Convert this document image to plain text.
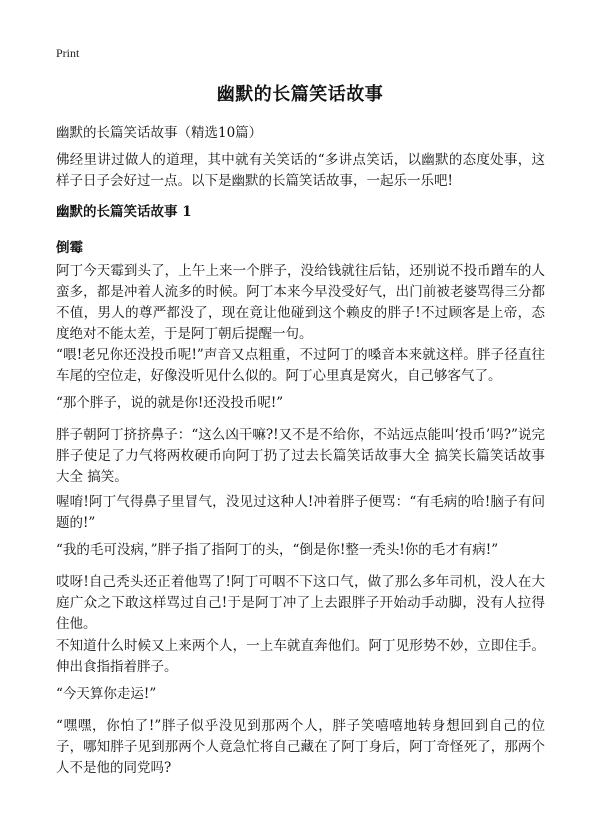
Print
幽默的长篇笑话故事
幽默的长篇笑话故事（精选10篇）
佛经里讲过做人的道理，其中就有关笑话的“多讲点笑话，以幽默的态度处事，这样子日子会好过一点。以下是幽默的长篇笑话故事，一起乐一乐吧!
幽默的长篇笑话故事 1
倒霉
阿丁今天霉到头了，上午上来一个胖子，没给钱就往后钻，还别说不投币蹭车的人蛮多，都是冲着人流多的时候。阿丁本来今早没受好气，出门前被老婆骂得三分都不值，男人的尊严都没了，现在竟让他碰到这个赖皮的胖子!不过顾客是上帝，态度绝对不能太差，于是阿丁朝后提醒一句。
“喂!老兄你还没投币呢!”声音又点粗重，不过阿丁的嗓音本来就这样。胖子径直往车尾的空位走，好像没听见什么似的。阿丁心里真是窝火，自己够客气了。
“那个胖子，说的就是你!还没投币呢!”
胖子朝阿丁挤挤鼻子：“这么凶干嘛?!又不是不给你，不站远点能叫‘投币’吗?”说完胖子使足了力气将两枚硬币向阿丁扔了过去长篇笑话故事大全 搞笑长篇笑话故事大全 搞笑。
喔唷!阿丁气得鼻子里冒气，没见过这种人!冲着胖子便骂：“有毛病的哈!脑子有问题的!”
“我的毛可没病，”胖子指了指阿丁的头，“倒是你!整一秃头!你的毛才有病!”
哎呀!自己秃头还正着他骂了!阿丁可咽不下这口气，做了那么多年司机，没人在大庭广众之下敢这样骂过自己!于是阿丁冲了上去跟胖子开始动手动脚，没有人拉得住他。
不知道什么时候又上来两个人，一上车就直奔他们。阿丁见形势不妙，立即住手。伸出食指指着胖子。
“今天算你走运!”
“嘿嘿，你怕了!”胖子似乎没见到那两个人，胖子笑嘻嘻地转身想回到自己的位子，哪知胖子见到那两个人竟急忙将自己藏在了阿丁身后，阿丁奇怪死了，那两个人不是他的同党吗?
